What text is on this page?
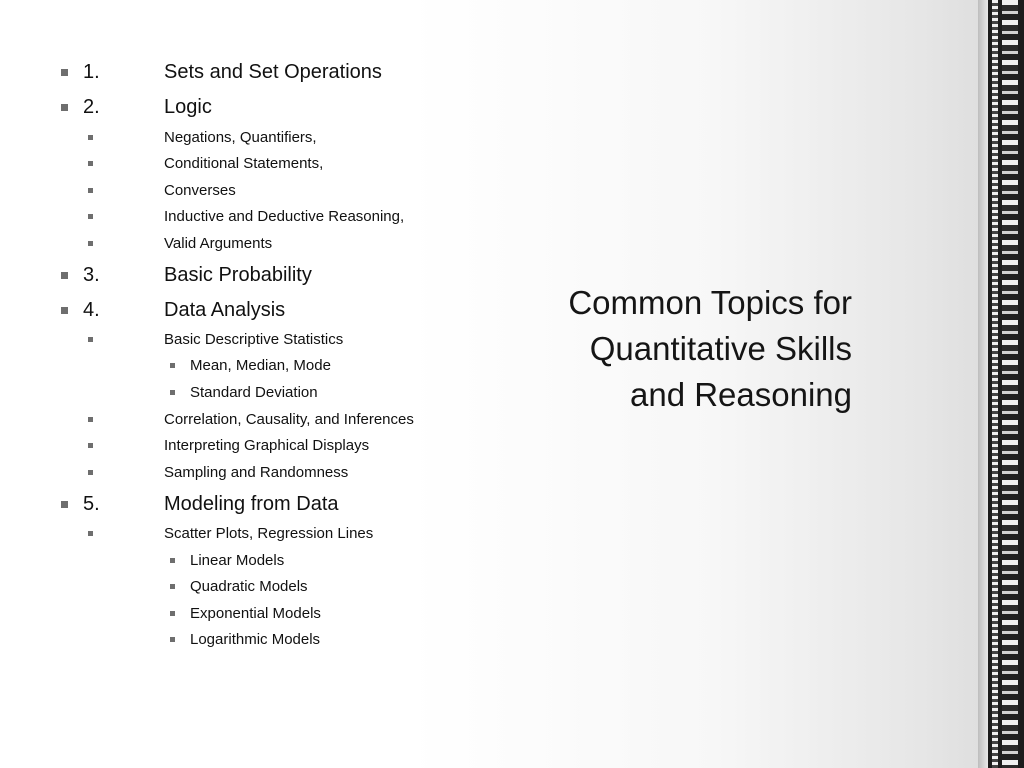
1.	Sets and Set Operations
2.	Logic
Negations, Quantifiers,
Conditional Statements,
Converses
Inductive and Deductive Reasoning,
Valid Arguments
3.	Basic Probability
4.	Data Analysis
Basic Descriptive Statistics
Mean, Median, Mode
Standard Deviation
Correlation, Causality, and Inferences
Interpreting Graphical Displays
Sampling and Randomness
5.	Modeling from Data
Scatter Plots, Regression Lines
Linear Models
Quadratic Models
Exponential Models
Logarithmic Models
Common Topics for Quantitative Skills and Reasoning
